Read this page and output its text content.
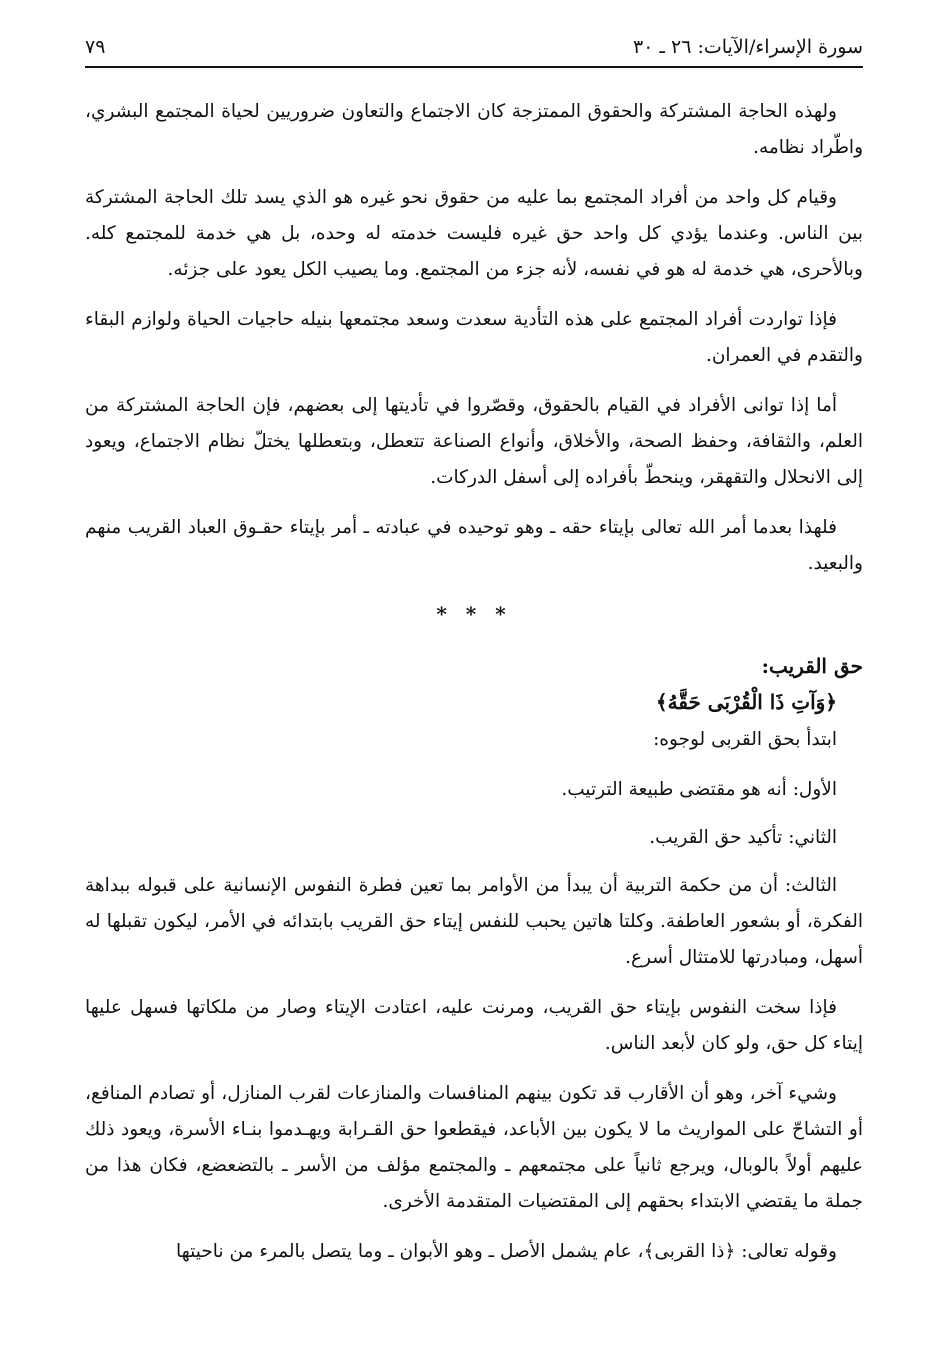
سورة الإسراء/الآيات: ٢٦ ـ ٣٠
٧٩

ولهذه الحاجة المشتركة والحقوق الممتزجة كان الاجتماع والتعاون ضروريين لحياة المجتمع البشري، واطّراد نظامه.

وقيام كل واحد من أفراد المجتمع بما عليه من حقوق نحو غيره هو الذي يسد تلك الحاجة المشتركة بين الناس. وعندما يؤدي كل واحد حق غيره فليست خدمته له وحده، بل هي خدمة للمجتمع كله. وبالأحرى، هي خدمة له هو في نفسه، لأنه جزء من المجتمع. وما يصيب الكل يعود على جزئه.

فإذا تواردت أفراد المجتمع على هذه التأدية سعدت وسعد مجتمعها بنيله حاجيات الحياة ولوازم البقاء والتقدم في العمران.

أما إذا توانى الأفراد في القيام بالحقوق، وقصّروا في تأديتها إلى بعضهم، فإن الحاجة المشتركة من العلم، والثقافة، وحفظ الصحة، والأخلاق، وأنواع الصناعة تتعطل، وبتعطلها يختلّ نظام الاجتماع، ويعود إلى الانحلال والتقهقر، وينحطّ بأفراده إلى أسفل الدركات.

فلهذا بعدما أمر الله تعالى بإيتاء حقه ـ وهو توحيده في عبادته ـ أمر بإيتاء حقـوق العباد القريب منهم والبعيد.

* * *

حق القريب:

﴿وَآتِ ذَا الْقُرْبَى حَقَّهُ﴾

ابتدأ بحق القربى لوجوه:

الأول: أنه هو مقتضى طبيعة الترتيب.

الثاني: تأكيد حق القريب.

الثالث: أن من حكمة التربية أن يبدأ من الأوامر بما تعين فطرة النفوس الإنسانية على قبوله ببداهة الفكرة، أو بشعور العاطفة. وكلتا هاتين يحبب للنفس إيتاء حق القريب بابتدائه في الأمر، ليكون تقبلها له أسهل، ومبادرتها للامتثال أسرع.

فإذا سخت النفوس بإيتاء حق القريب، ومرنت عليه، اعتادت الإيتاء وصار من ملكاتها فسهل عليها إيتاء كل حق، ولو كان لأبعد الناس.

وشيء آخر، وهو أن الأقارب قد تكون بينهم المنافسات والمنازعات لقرب المنازل، أو تصادم المنافع، أو التشاحّ على المواريث ما لا يكون بين الأباعد، فيقطعوا حق القـرابة ويهـدموا بنـاء الأسرة، ويعود ذلك عليهم أولاً بالوبال، ويرجع ثانياً على مجتمعهم ـ والمجتمع مؤلف من الأسر ـ بالتضعضع، فكان هذا من جملة ما يقتضي الابتداء بحقهم إلى المقتضيات المتقدمة الأخرى.

وقوله تعالى: ﴿ذا القربى﴾، عام يشمل الأصل ـ وهو الأبوان ـ وما يتصل بالمرء من ناحيتها
